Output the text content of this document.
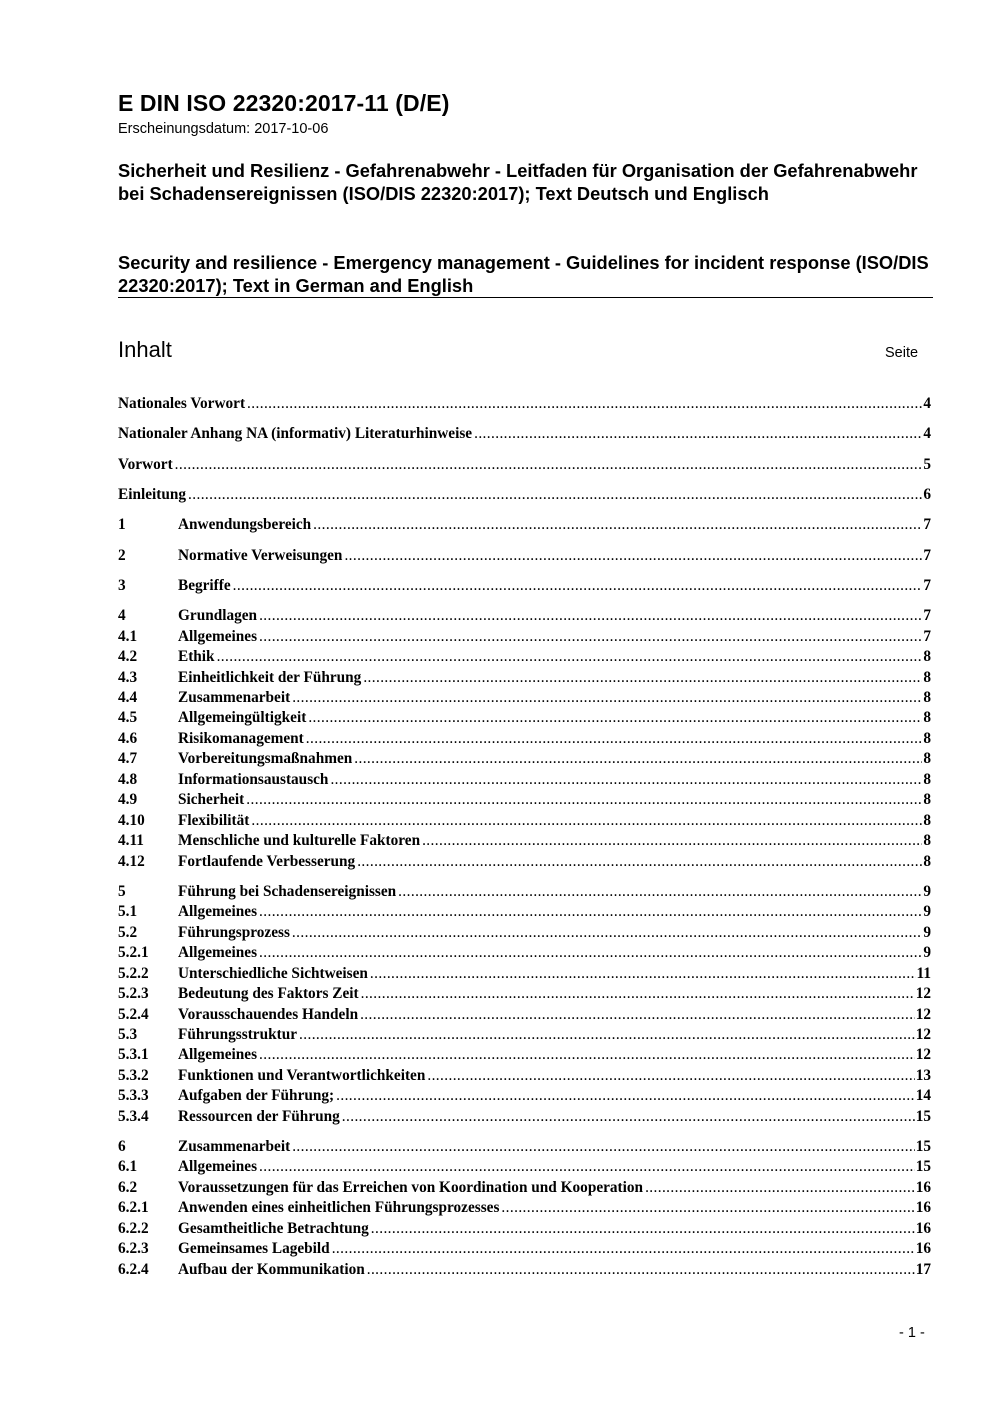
E DIN ISO 22320:2017-11 (D/E)
Erscheinungsdatum: 2017-10-06
Sicherheit und Resilienz - Gefahrenabwehr - Leitfaden für Organisation der Gefahrenabwehr bei Schadensereignissen (ISO/DIS 22320:2017); Text Deutsch und Englisch
Security and resilience - Emergency management - Guidelines for incident response (ISO/DIS 22320:2017); Text in German and English
Inhalt	Seite
Nationales Vorwort .....	4
Nationaler Anhang NA (informativ) Literaturhinweise .....	4
Vorwort .....	5
Einleitung .....	6
1	Anwendungsbereich .....	7
2	Normative Verweisungen .....	7
3	Begriffe .....	7
4	Grundlagen .....	7
4.1	Allgemeines .....	7
4.2	Ethik .....	8
4.3	Einheitlichkeit der Führung .....	8
4.4	Zusammenarbeit .....	8
4.5	Allgemeingültigkeit .....	8
4.6	Risikomanagement .....	8
4.7	Vorbereitungsmaßnahmen .....	8
4.8	Informationsaustausch .....	8
4.9	Sicherheit .....	8
4.10 Flexibilität .....	8
4.11 Menschliche und kulturelle Faktoren .....	8
4.12 Fortlaufende Verbesserung .....	8
5	Führung bei Schadensereignissen .....	9
5.1	Allgemeines .....	9
5.2	Führungsprozess .....	9
5.2.1 Allgemeines .....	9
5.2.2 Unterschiedliche Sichtweisen .....	11
5.2.3 Bedeutung des Faktors Zeit .....	12
5.2.4 Vorausschauendes Handeln .....	12
5.3	Führungsstruktur .....	12
5.3.1 Allgemeines .....	12
5.3.2 Funktionen und Verantwortlichkeiten .....	13
5.3.3 Aufgaben der Führung; .....	14
5.3.4 Ressourcen der Führung .....	15
6	Zusammenarbeit .....	15
6.1	Allgemeines .....	15
6.2	Voraussetzungen für das Erreichen von Koordination und Kooperation .....	16
6.2.1 Anwenden eines einheitlichen Führungsprozesses .....	16
6.2.2 Gesamtheitliche Betrachtung .....	16
6.2.3 Gemeinsames Lagebild .....	16
6.2.4 Aufbau der Kommunikation .....	17
- 1 -
